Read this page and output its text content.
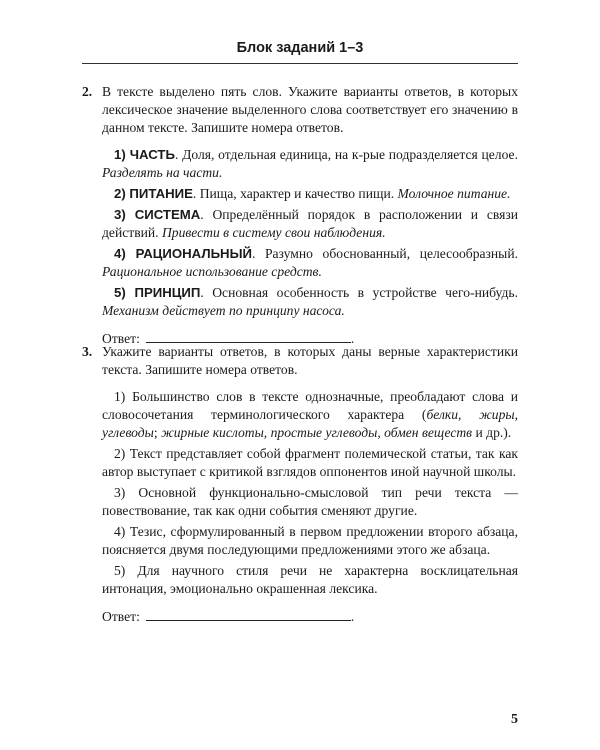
Блок заданий 1–3
2. В тексте выделено пять слов. Укажите варианты ответов, в которых лексическое значение выделенного слова соответствует его значению в данном тексте. Запишите номера ответов.
1) ЧАСТЬ. Доля, отдельная единица, на к-рые подразделяется целое. Разделять на части.
2) ПИТАНИЕ. Пища, характер и качество пищи. Молочное питание.
3) СИСТЕМА. Определённый порядок в расположении и связи действий. Привести в систему свои наблюдения.
4) РАЦИОНАЛЬНЫЙ. Разумно обоснованный, целесообразный. Рациональное использование средств.
5) ПРИНЦИП. Основная особенность в устройстве чего-нибудь. Механизм действует по принципу насоса.
Ответ:	.
3. Укажите варианты ответов, в которых даны верные характеристики текста. Запишите номера ответов.
1) Большинство слов в тексте однозначные, преобладают слова и словосочетания терминологического характера (белки, жиры, углеводы; жирные кислоты, простые углеводы, обмен веществ и др.).
2) Текст представляет собой фрагмент полемической статьи, так как автор выступает с критикой взглядов оппонентов иной научной школы.
3) Основной функционально-смысловой тип речи текста — повествование, так как одни события сменяют другие.
4) Тезис, сформулированный в первом предложении второго абзаца, поясняется двумя последующими предложениями этого же абзаца.
5) Для научного стиля речи не характерна восклицательная интонация, эмоционально окрашенная лексика.
Ответ:	.
5
